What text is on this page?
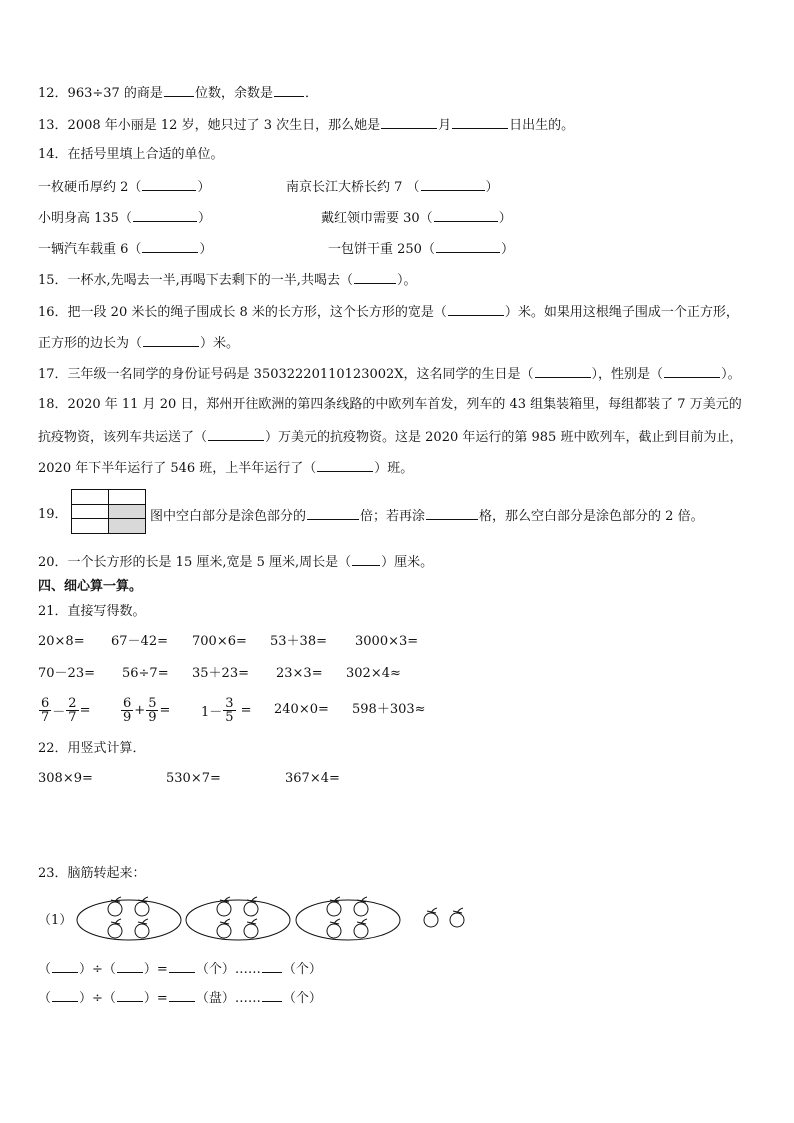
12．963÷37 的商是 位数，余数是 ．
13．2008 年小丽是 12 岁，她只过了 3 次生日，那么她是	月	日出生的。
14．在括号里填上合适的单位。
一枚硬币厚约 2（	）	南京长江大桥长约 7 （	）
小明身高 135（	）	戴红领巾需要 30（	）
一辆汽车载重 6（	）	一包饼干重 250（	）
15．一杯水,先喝去一半,再喝下去剩下的一半,共喝去（	）。
16．把一段 20 米长的绳子围成长 8 米的长方形，这个长方形的宽是（	）米。如果用这根绳子围成一个正方形，
正方形的边长为（	）米。
17．三年级一名同学的身份证号码是 35032220110123002X，这名同学的生日是（	），性别是（	）。
18．2020 年 11 月 20 日，郑州开往欧洲的第四条线路的中欧列车首发，列车的 43 组集装箱里，每组都装了 7 万美元的
抗疫物资，该列车共运送了（	）万美元的抗疫物资。这是 2020 年运行的第 985 班中欧列车，截止到目前为止，
2020 年下半年运行了 546 班，上半年运行了（	）班。
19．	图中空白部分是涂色部分的	倍；若再涂	格，那么空白部分是涂色部分的 2 倍。
20．一个长方形的长是 15 厘米,宽是 5 厘米,周长是（ ）厘米。
四、细心算一算。
21．直接写得数。
20×8= 67－42= 700×6= 53＋38= 3000×3=
70－23= 56÷7= 35＋23= 23×3= 302×4≈
$\frac{6}{7} - \frac{2}{7} = \frac{6}{9} + \frac{5}{9} = 1- \frac{3}{5} = 240\times 0= 598+303\approx$
22．用竖式计算．
308×9=	530×7=	367×4=
23．脑筋转起来：
（1）
（ ）÷（ ）= （个）…… （个）
（ ）÷（ ）= （盘）…… （个）
